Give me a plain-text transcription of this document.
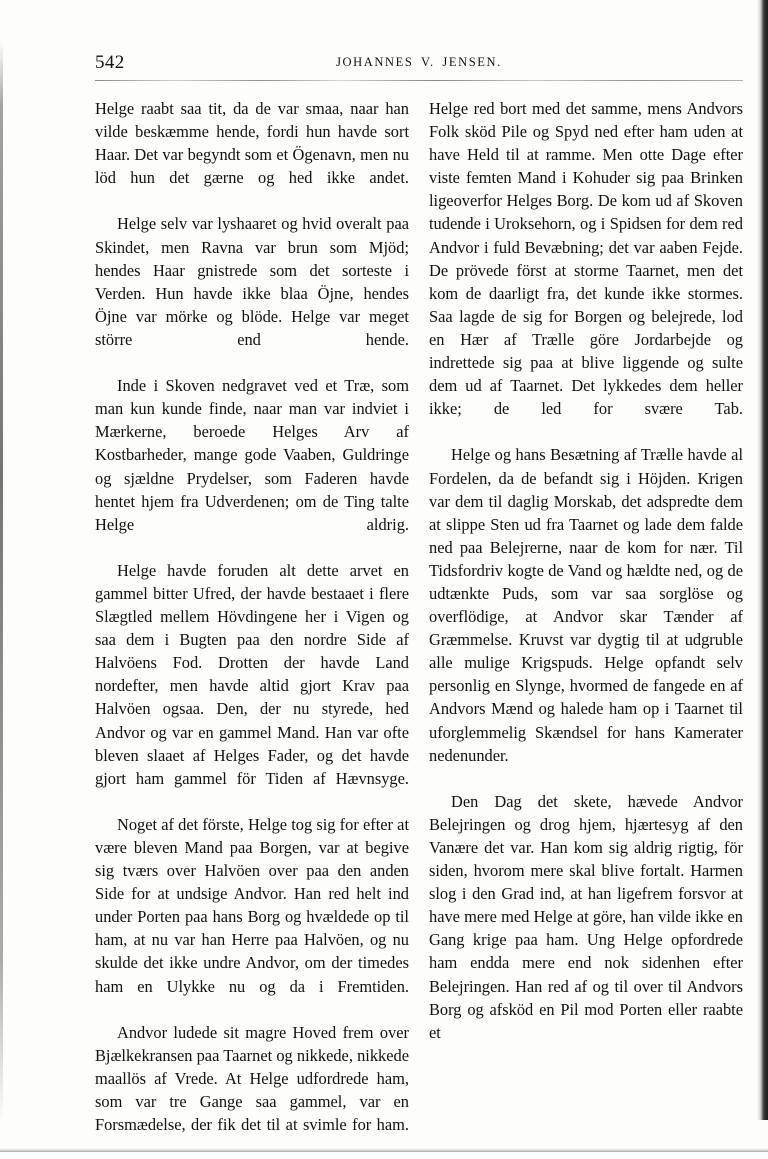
542	JOHANNES V. JENSEN.

Helge raabt saa tit, da de var smaa, naar han vilde beskæmme hende, fordi hun havde sort Haar. Det var begyndt som et Ögenavn, men nu löd hun det gærne og hed ikke andet.

Helge selv var lyshaaret og hvid overalt paa Skindet, men Ravna var brun som Mjöd; hendes Haar gnistrede som det sorteste i Verden. Hun havde ikke blaa Öjne, hendes Öjne var mörke og blöde. Helge var meget större end hende.

Inde i Skoven nedgravet ved et Træ, som man kun kunde finde, naar man var indviet i Mærkerne, beroede Helges Arv af Kostbarheder, mange gode Vaaben, Guldringe og sjældne Prydelser, som Faderen havde hentet hjem fra Udverdenen; om de Ting talte Helge aldrig.

Helge havde foruden alt dette arvet en gammel bitter Ufred, der havde bestaaet i flere Slægtled mellem Hövdingene her i Vigen og saa dem i Bugten paa den nordre Side af Halvöens Fod. Drotten der havde Land nordefter, men havde altid gjort Krav paa Halvöen ogsaa. Den, der nu styrede, hed Andvor og var en gammel Mand. Han var ofte bleven slaaet af Helges Fader, og det havde gjort ham gammel för Tiden af Hævnsyge.

Noget af det förste, Helge tog sig for efter at være bleven Mand paa Borgen, var at begive sig tværs over Halvöen over paa den anden Side for at undsige Andvor. Han red helt ind under Porten paa hans Borg og hvældede op til ham, at nu var han Herre paa Halvöen, og nu skulde det ikke undre Andvor, om der timedes ham en Ulykke nu og da i Fremtiden.

Andvor ludede sit magre Hoved frem over Bjælkekransen paa Taarnet og nikkede, nikkede maallös af Vrede. At Helge udfordrede ham, som var tre Gange saa gammel, var en Forsmædelse, der fik det til at svimle for ham.

Helge red bort med det samme, mens Andvors Folk sköd Pile og Spyd ned efter ham uden at have Held til at ramme. Men otte Dage efter viste femten Mand i Kohuder sig paa Brinken ligeoverfor Helges Borg. De kom ud af Skoven tudende i Uroksehorn, og i Spidsen for dem red Andvor i fuld Bevæbning; det var aaben Fejde. De prövede först at storme Taarnet, men det kom de daarligt fra, det kunde ikke stormes. Saa lagde de sig for Borgen og belejrede, lod en Hær af Trælle göre Jordarbejde og indrettede sig paa at blive liggende og sulte dem ud af Taarnet. Det lykkedes dem heller ikke; de led for svære Tab.

Helge og hans Besætning af Trælle havde al Fordelen, da de befandt sig i Höjden. Krigen var dem til daglig Morskab, det adspredte dem at slippe Sten ud fra Taarnet og lade dem falde ned paa Belejrerne, naar de kom for nær. Til Tidsfordriv kogte de Vand og hældte ned, og de udtænkte Puds, som var saa sorglöse og overflödige, at Andvor skar Tænder af Græmmelse. Kruvst var dygtig til at udgruble alle mulige Krigspuds. Helge opfandt selv personlig en Slynge, hvormed de fangede en af Andvors Mænd og halede ham op i Taarnet til uforglemmelig Skændsel for hans Kamerater nedenunder.

Den Dag det skete, hævede Andvor Belejringen og drog hjem, hjærtesyg af den Vanære det var. Han kom sig aldrig rigtig, för siden, hvorom mere skal blive fortalt. Harmen slog i den Grad ind, at han ligefrem forsvor at have mere med Helge at göre, han vilde ikke en Gang krige paa ham. Ung Helge opfordrede ham endda mere end nok sidenhen efter Belejringen. Han red af og til over til Andvors Borg og afsköd en Pil mod Porten eller raabte et
